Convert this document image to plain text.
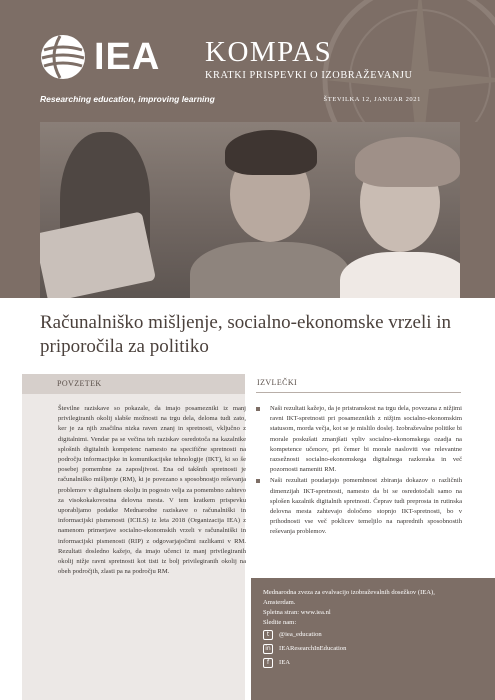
IEA
Researching education, improving learning
KOMPAS
KRATKI PRISPEVKI O IZOBRAŽEVANJU
ŠTEVILKA 12, JANUAR 2021
Računalniško mišljenje, socialno-ekonomske vrzeli in priporočila za politiko
POVZETEK
Številne raziskave so pokazale, da imajo posamezniki iz manj privilegiranih okolij slabše možnosti na trgu dela, deloma tudi zato, ker je za njih značilna nizka raven znanj in spretnosti, vključno z digitalnimi. Vendar pa se večina teh raziskav osredotoča na kazalnike splošnih digitalnih kompetenc namesto na specifične spretnosti na področju informacijske in komunikacijske tehnologije (IKT), ki so še posebej pomembne za zaposljivost. Ena od takšnih spretnosti je računalniško mišljenje (RM), ki je povezano s sposobnostjo reševanja problemov v digitalnem okolju in pogosto velja za pomembno zahtevo za visokokakovostna delovna mesta. V tem kratkem prispevku uporabljamo podatke Mednarodne raziskave o računalniški in informacijski pismenosti (ICILS) iz leta 2018 (Organizacija IEA) z namenom primerjave socialno-ekonomskih vrzeli v računalniški in informacijski pismenosti (RIP) z odgovarjajočimi razlikami v RM. Rezultati dosledno kažejo, da imajo učenci iz manj privilegiranih okolij nižje ravni spretnosti kot tisti iz bolj privilegiranih okolij na obeh področjih, zlasti pa na področju RM.
IZVLEČKI
Naši rezultati kažejo, da je pristranskost na trgu dela, povezana z nižjimi ravni IKT-spretnosti pri posameznikih z nižjim socialno-ekonomskim statusom, morda večja, kot se je mislilo doslej. Izobraževalne politike bi morale poskušati zmanjšati vpliv socialno-ekonomskega ozadja na kompetence učencev, pri čemer bi morale nasloviti vse relevantne razsežnosti socialno-ekonomskega digitalnega razkoraka in več pozornosti nameniti RM.
Naši rezultati poudarjajo pomembnost zbiranja dokazov o različnih dimenzijah IKT-spretnosti, namesto da bi se osredotočali samo na splošen kazalnik digitalnih spretnosti. Čeprav tudi preprosta in rutinska delovna mesta zahtevajo določeno stopnjo IKT-spretnosti, bo v prihodnosti vse več poklicev temeljilo na naprednih sposobnostih reševanja problemov.
Mednarodna zveza za evalvacijo izobraževalnih dosežkov (IEA),
Amsterdam.
Spletna stran: www.iea.nl
Sledite nam:
t	@iea_education
in	IEAResearchInEducation
f	IEA
